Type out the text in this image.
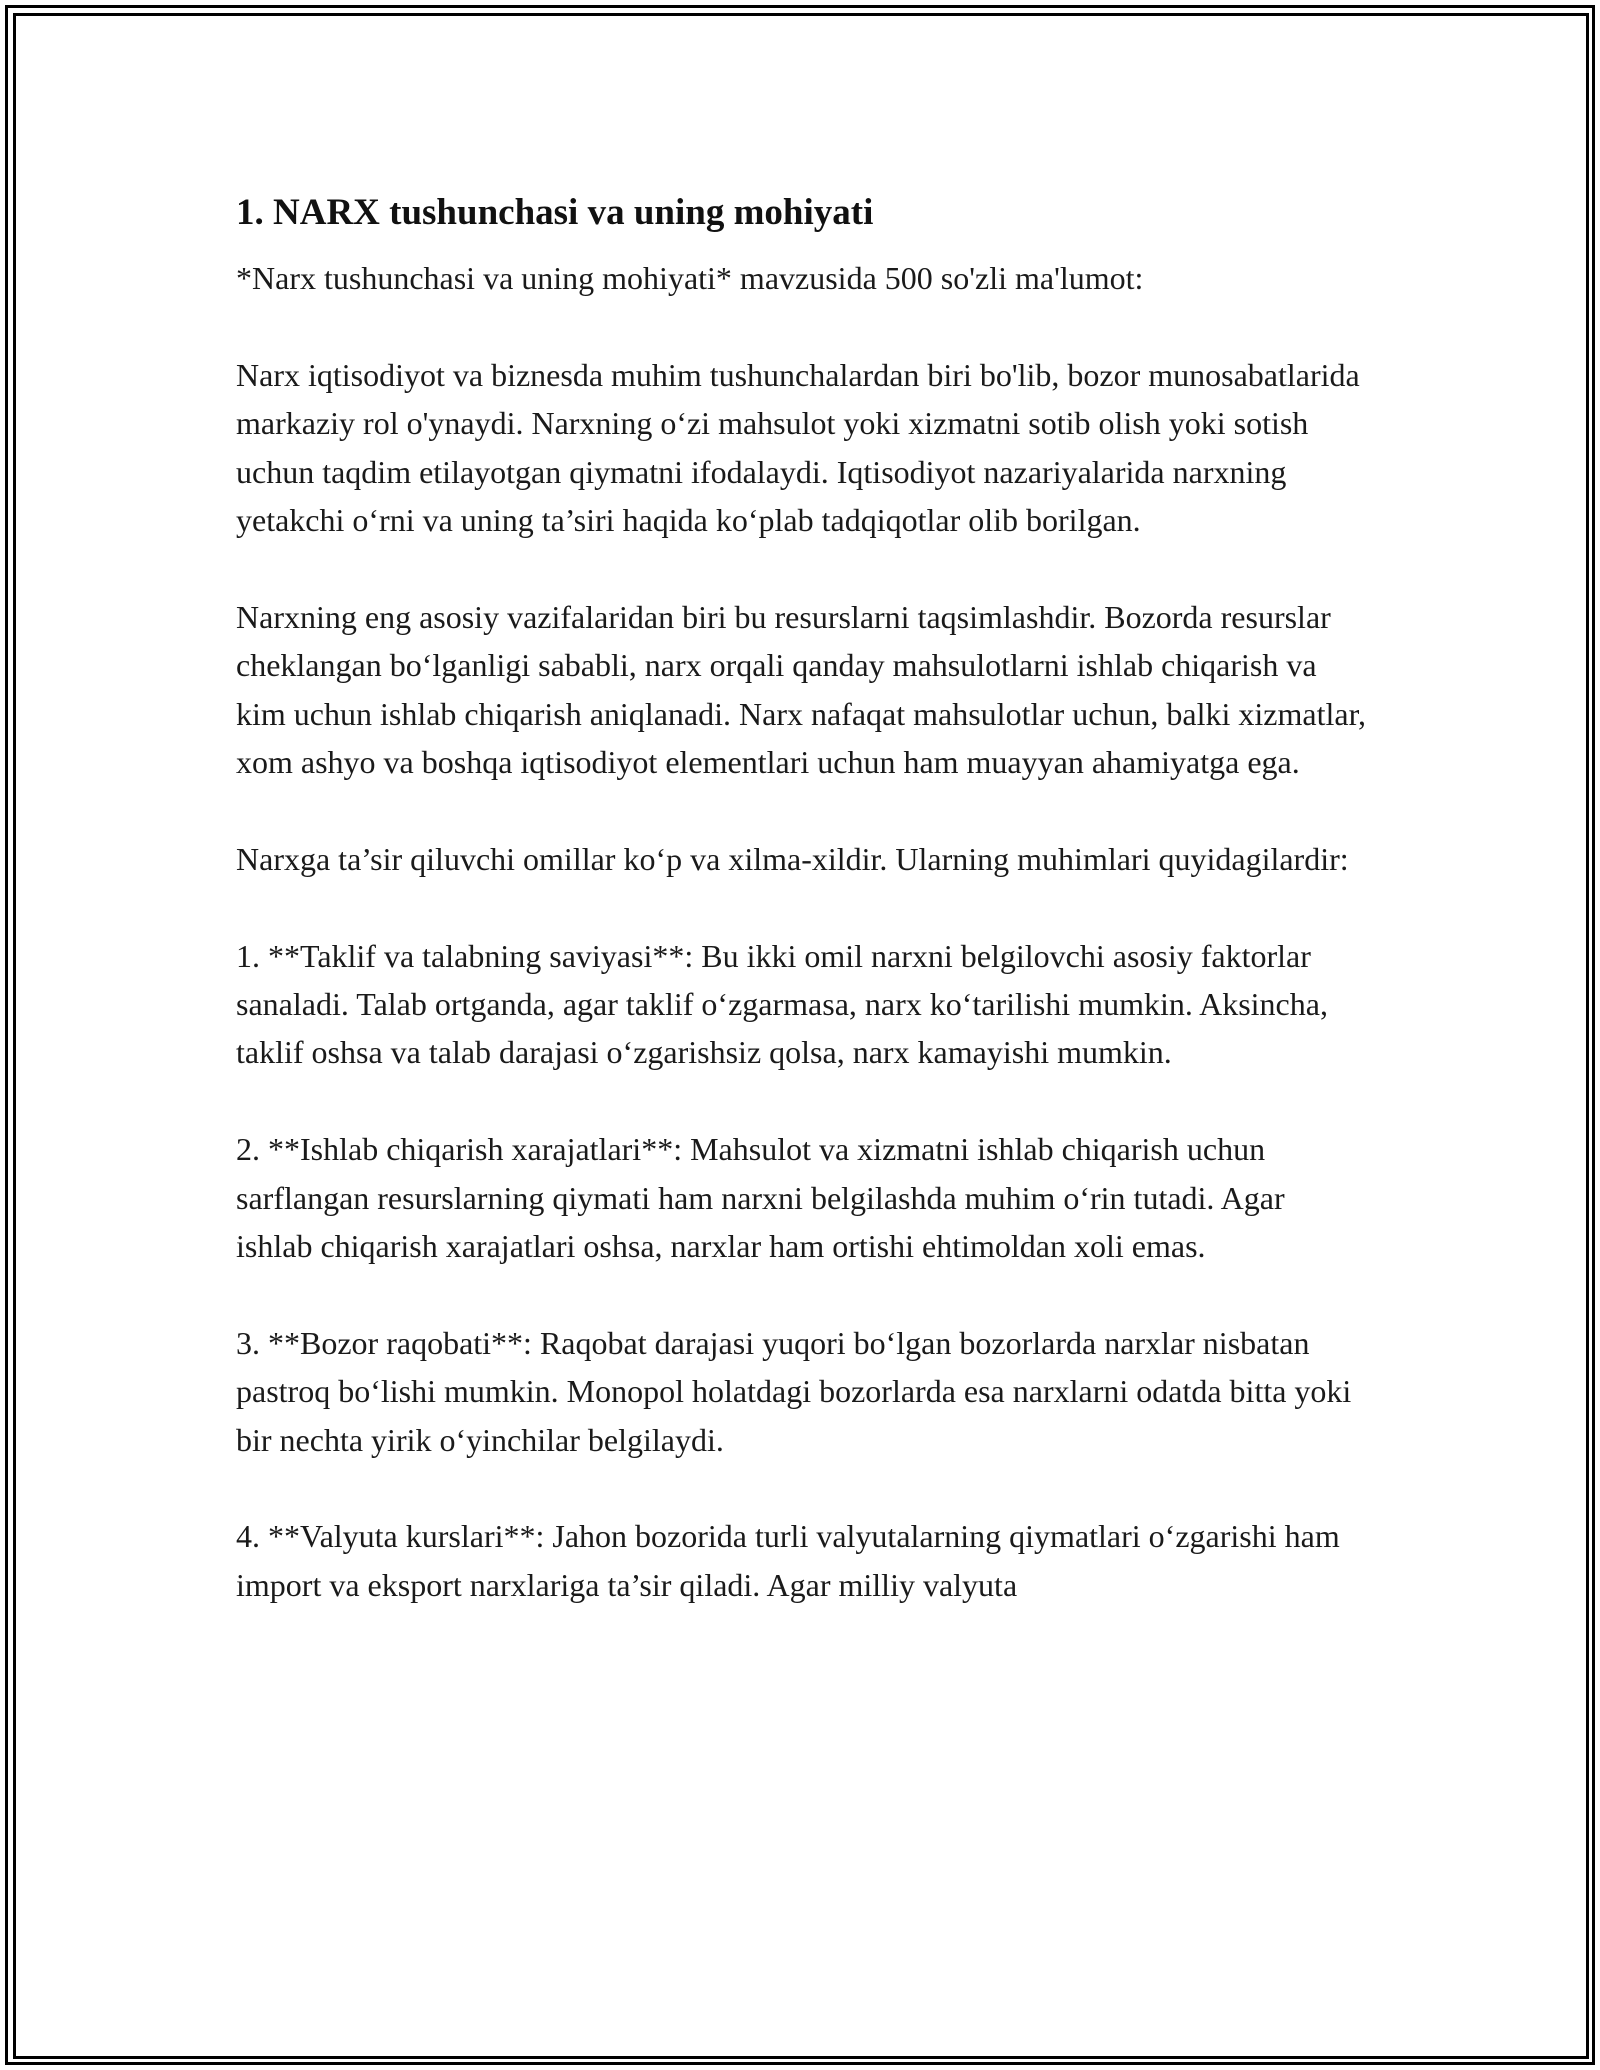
1. NARX tushunchasi va uning mohiyati

*Narx tushunchasi va uning mohiyati* mavzusida 500 so'zli ma'lumot:

Narx iqtisodiyot va biznesda muhim tushunchalardan biri bo'lib, bozor munosabatlarida markaziy rol o'ynaydi. Narxning o‘zi mahsulot yoki xizmatni sotib olish yoki sotish uchun taqdim etilayotgan qiymatni ifodalaydi. Iqtisodiyot nazariyalarida narxning yetakchi o‘rni va uning ta’siri haqida ko‘plab tadqiqotlar olib borilgan.

Narxning eng asosiy vazifalaridan biri bu resurslarni taqsimlashdir. Bozorda resurslar cheklangan bo‘lganligi sababli, narx orqali qanday mahsulotlarni ishlab chiqarish va kim uchun ishlab chiqarish aniqlanadi. Narx nafaqat mahsulotlar uchun, balki xizmatlar, xom ashyo va boshqa iqtisodiyot elementlari uchun ham muayyan ahamiyatga ega.

Narxga ta’sir qiluvchi omillar ko‘p va xilma-xildir. Ularning muhimlari quyidagilardir:

1. **Taklif va talabning saviyasi**: Bu ikki omil narxni belgilovchi asosiy faktorlar sanaladi. Talab ortganda, agar taklif o‘zgarmasa, narx ko‘tarilishi mumkin. Aksincha, taklif oshsa va talab darajasi o‘zgarishsiz qolsa, narx kamayishi mumkin.

2. **Ishlab chiqarish xarajatlari**: Mahsulot va xizmatni ishlab chiqarish uchun sarflangan resurslarning qiymati ham narxni belgilashda muhim o‘rin tutadi. Agar ishlab chiqarish xarajatlari oshsa, narxlar ham ortishi ehtimoldan xoli emas.

3. **Bozor raqobati**: Raqobat darajasi yuqori bo‘lgan bozorlarda narxlar nisbatan pastroq bo‘lishi mumkin. Monopol holatdagi bozorlarda esa narxlarni odatda bitta yoki bir nechta yirik o‘yinchilar belgilaydi.

4. **Valyuta kurslari**: Jahon bozorida turli valyutalarning qiymatlari o‘zgarishi ham import va eksport narxlariga ta’sir qiladi. Agar milliy valyuta
